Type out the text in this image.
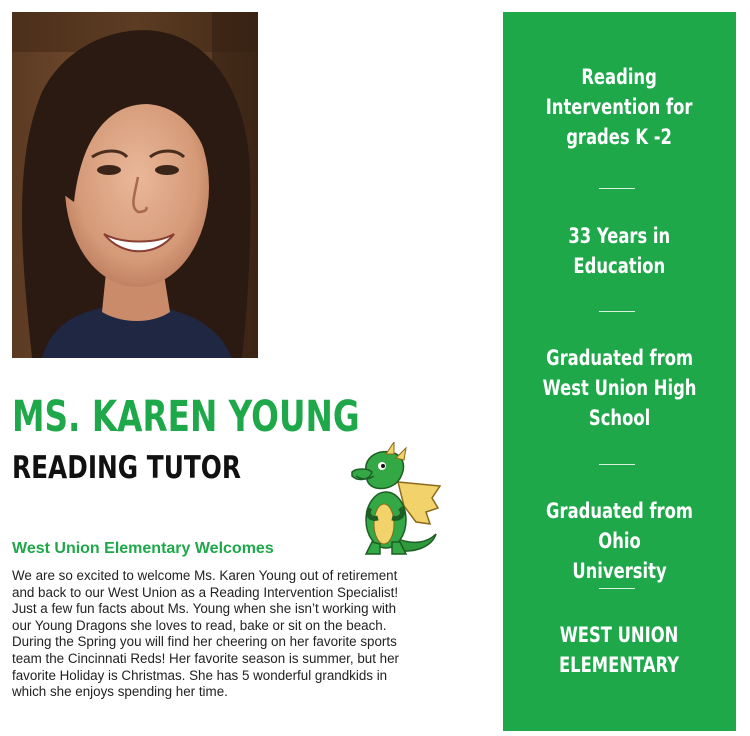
MS. KAREN YOUNG
READING TUTOR
West Union Elementary Welcomes

We are so excited to welcome Ms. Karen Young out of retirement
and back to our West Union as a Reading Intervention Specialist!
Just a few fun facts about Ms. Young when she isn’t working with
our Young Dragons she loves to read, bake or sit on the beach.
During the Spring you will find her cheering on her favorite sports
team the Cincinnati Reds! Her favorite season is summer, but her
favorite Holiday is Christmas. She has 5 wonderful grandkids in
which she enjoys spending her time.

Reading
Intervention for
grades K -2
33 Years in
Education
Graduated from
West Union High
School
Graduated from Ohio
University
WEST UNION
ELEMENTARY
